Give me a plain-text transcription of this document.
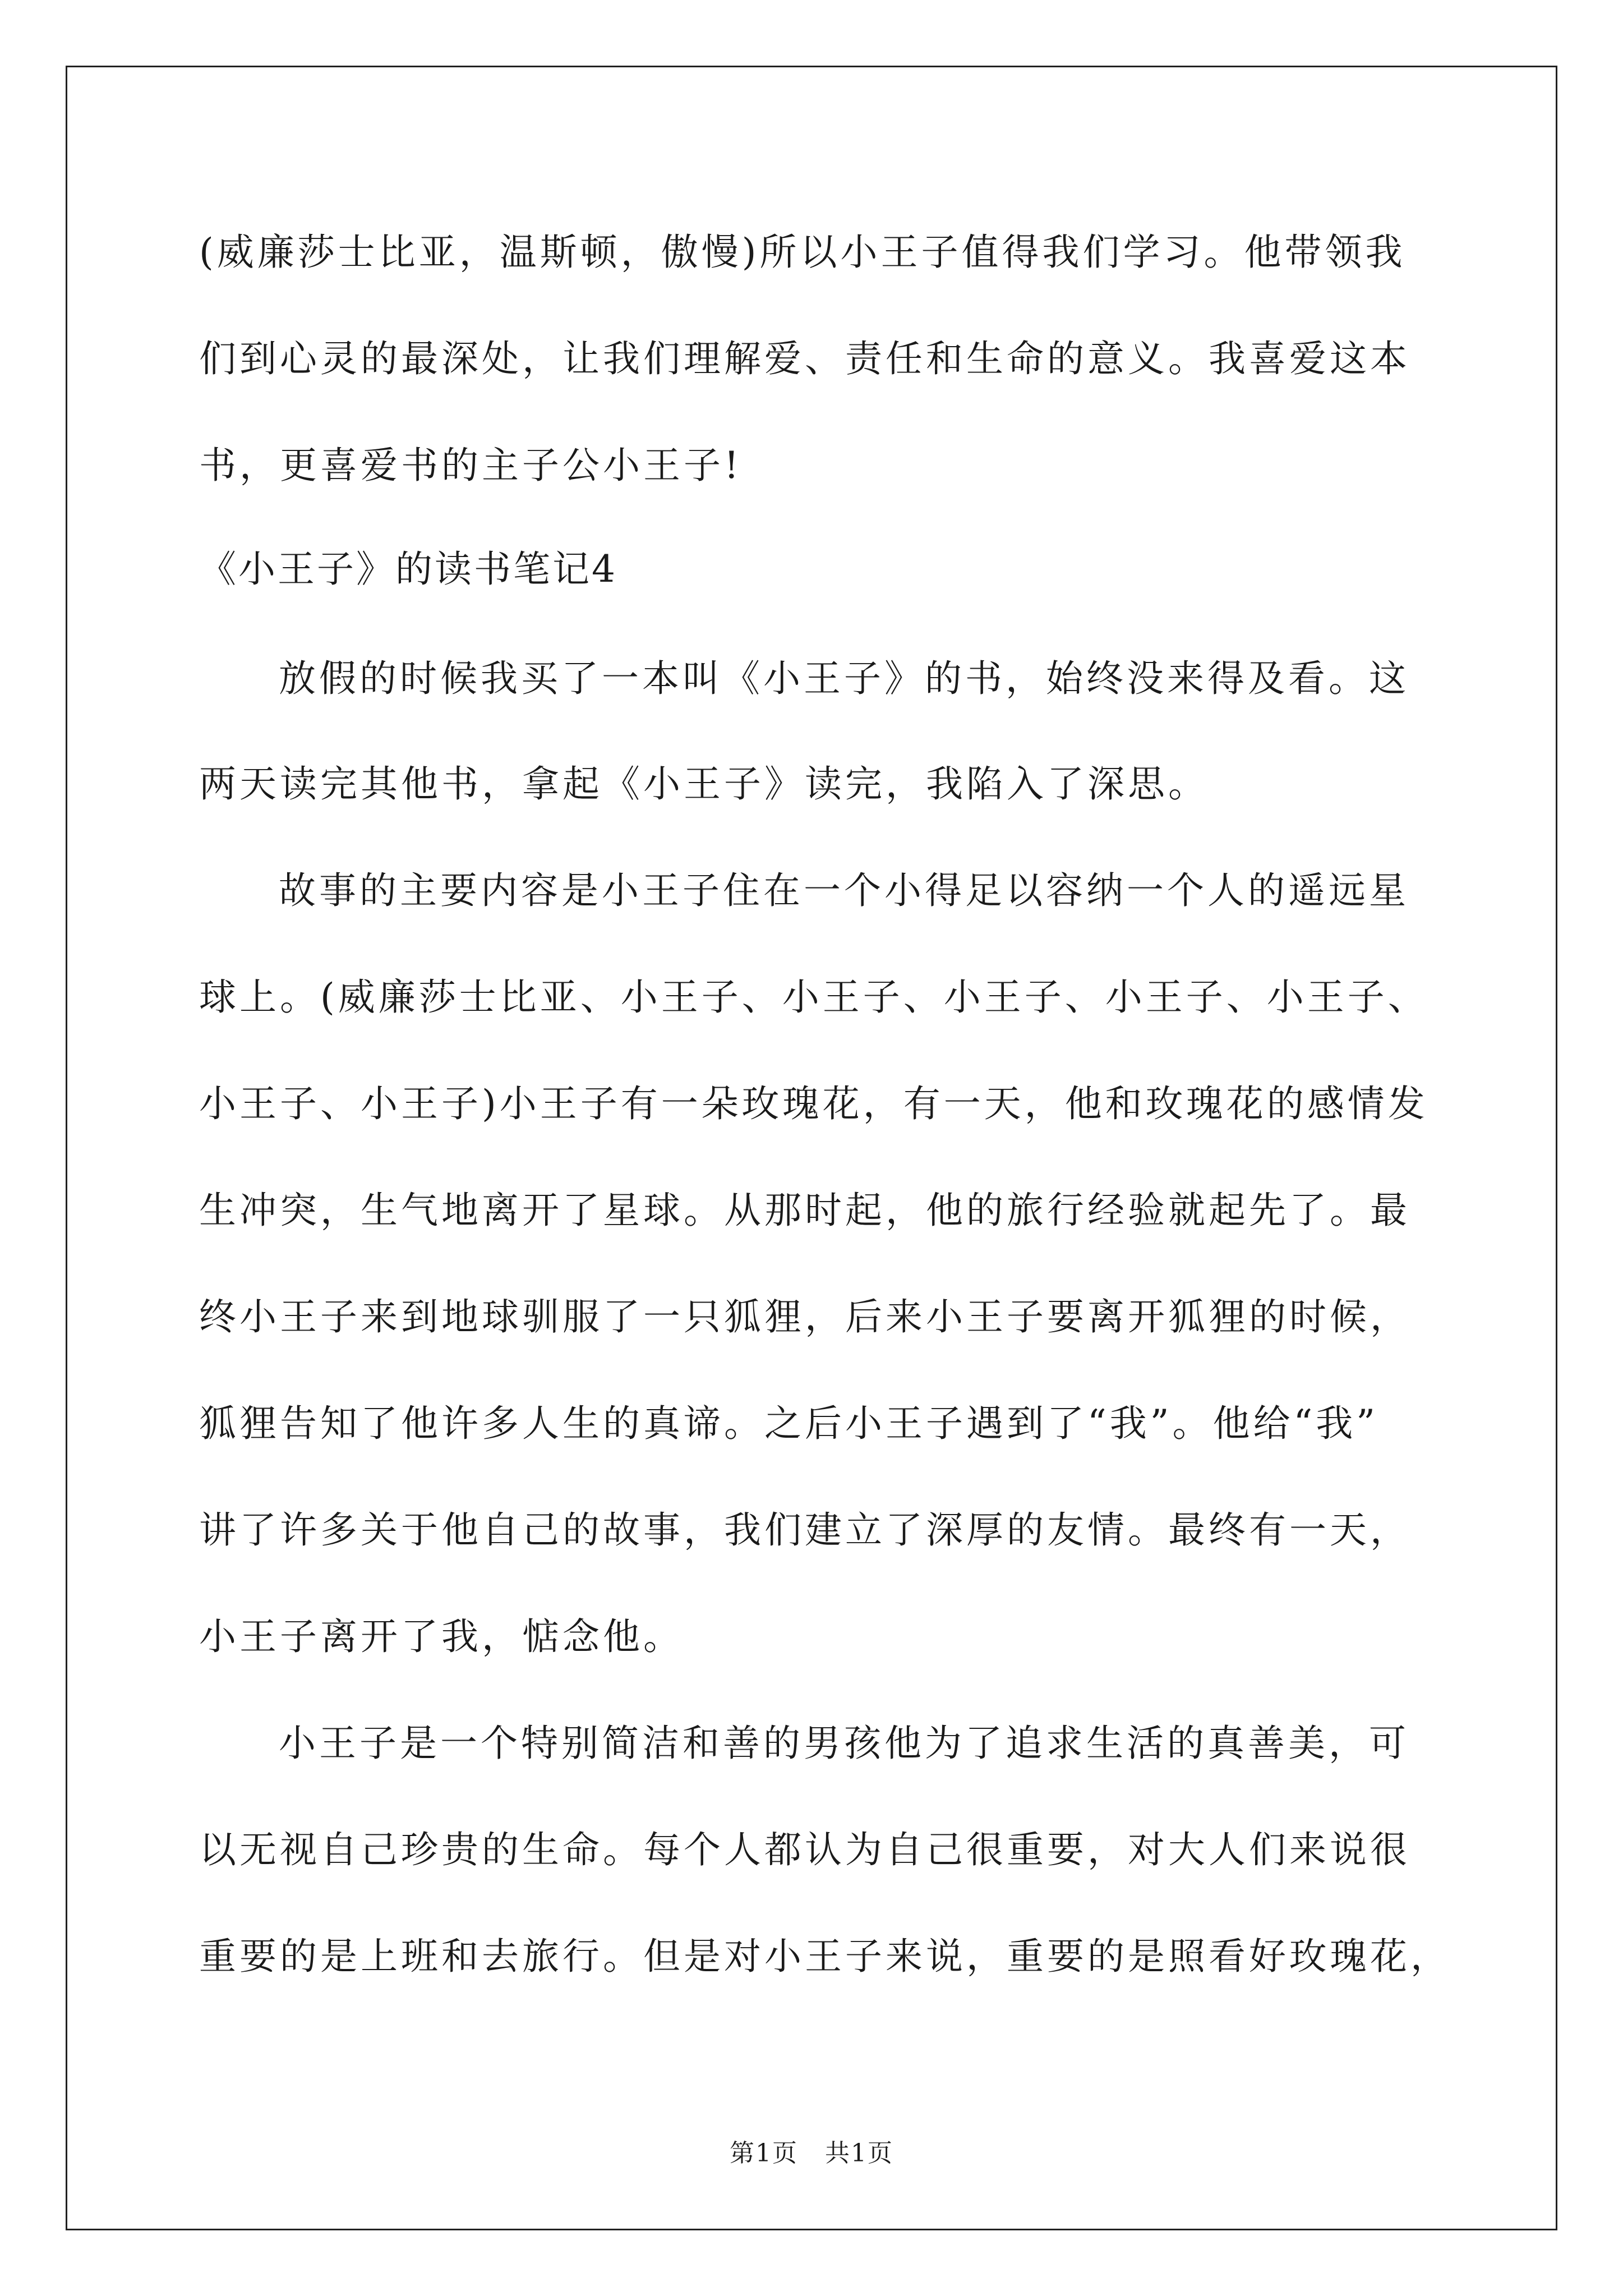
(威廉莎士比亚，温斯顿，傲慢)所以小王子值得我们学习。他带领我
们到心灵的最深处，让我们理解爱、责任和生命的意义。我喜爱这本
书，更喜爱书的主子公小王子!
《小王子》的读书笔记4
放假的时候我买了一本叫《小王子》的书，始终没来得及看。这
两天读完其他书，拿起《小王子》读完，我陷入了深思。
故事的主要内容是小王子住在一个小得足以容纳一个人的遥远星
球上。(威廉莎士比亚、小王子、小王子、小王子、小王子、小王子、
小王子、小王子)小王子有一朵玫瑰花，有一天，他和玫瑰花的感情发
生冲突，生气地离开了星球。从那时起，他的旅行经验就起先了。最
终小王子来到地球驯服了一只狐狸，后来小王子要离开狐狸的时候，
狐狸告知了他许多人生的真谛。之后小王子遇到了“我”。他给“我”
讲了许多关于他自己的故事，我们建立了深厚的友情。最终有一天，
小王子离开了我，惦念他。
小王子是一个特别简洁和善的男孩他为了追求生活的真善美，可
以无视自己珍贵的生命。每个人都认为自己很重要，对大人们来说很
重要的是上班和去旅行。但是对小王子来说，重要的是照看好玫瑰花，
第1页   共1页
